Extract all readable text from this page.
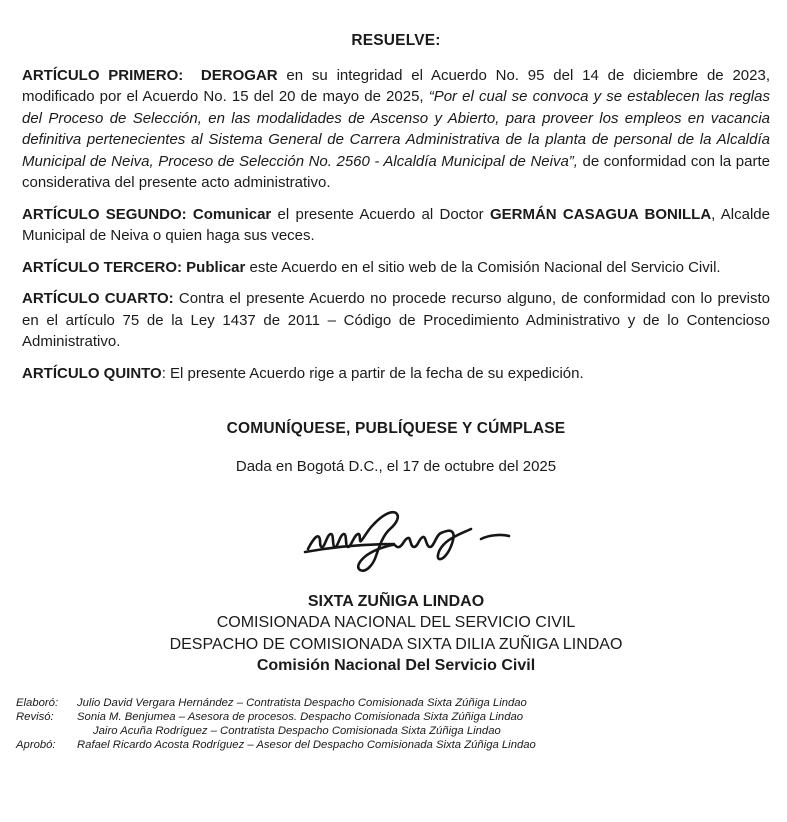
RESUELVE:

ARTÍCULO PRIMERO:  DEROGAR en su integridad el Acuerdo No. 95 del 14 de diciembre de 2023, modificado por el Acuerdo No. 15 del 20 de mayo de 2025, “Por el cual se convoca y se establecen las reglas del Proceso de Selección, en las modalidades de Ascenso y Abierto, para proveer los empleos en vacancia definitiva pertenecientes al Sistema General de Carrera Administrativa de la planta de personal de la Alcaldía Municipal de Neiva, Proceso de Selección No. 2560 - Alcaldía Municipal de Neiva”, de conformidad con la parte considerativa del presente acto administrativo.

ARTÍCULO SEGUNDO: Comunicar el presente Acuerdo al Doctor GERMÁN CASAGUA BONILLA, Alcalde Municipal de Neiva o quien haga sus veces.

ARTÍCULO TERCERO: Publicar este Acuerdo en el sitio web de la Comisión Nacional del Servicio Civil.

ARTÍCULO CUARTO: Contra el presente Acuerdo no procede recurso alguno, de conformidad con lo previsto en el artículo 75 de la Ley 1437 de 2011 – Código de Procedimiento Administrativo y de lo Contencioso Administrativo.

ARTÍCULO QUINTO: El presente Acuerdo rige a partir de la fecha de su expedición.

COMUNÍQUESE, PUBLÍQUESE Y CÚMPLASE
Dada en Bogotá D.C., el 17 de octubre del 2025
SIXTA ZUÑIGA LINDAO
COMISIONADA NACIONAL DEL SERVICIO CIVIL
DESPACHO DE COMISIONADA SIXTA DILIA ZUÑIGA LINDAO
Comisión Nacional Del Servicio Civil
Elaboró: Julio David Vergara Hernández – Contratista Despacho Comisionada Sixta Zúñiga Lindao
Revisó: Sonia M. Benjumea – Asesora de procesos. Despacho Comisionada Sixta Zúñiga Lindao
Jairo Acuña Rodríguez – Contratista Despacho Comisionada Sixta Zúñiga Lindao
Aprobó: Rafael Ricardo Acosta Rodríguez – Asesor del Despacho Comisionada Sixta Zúñiga Lindao
